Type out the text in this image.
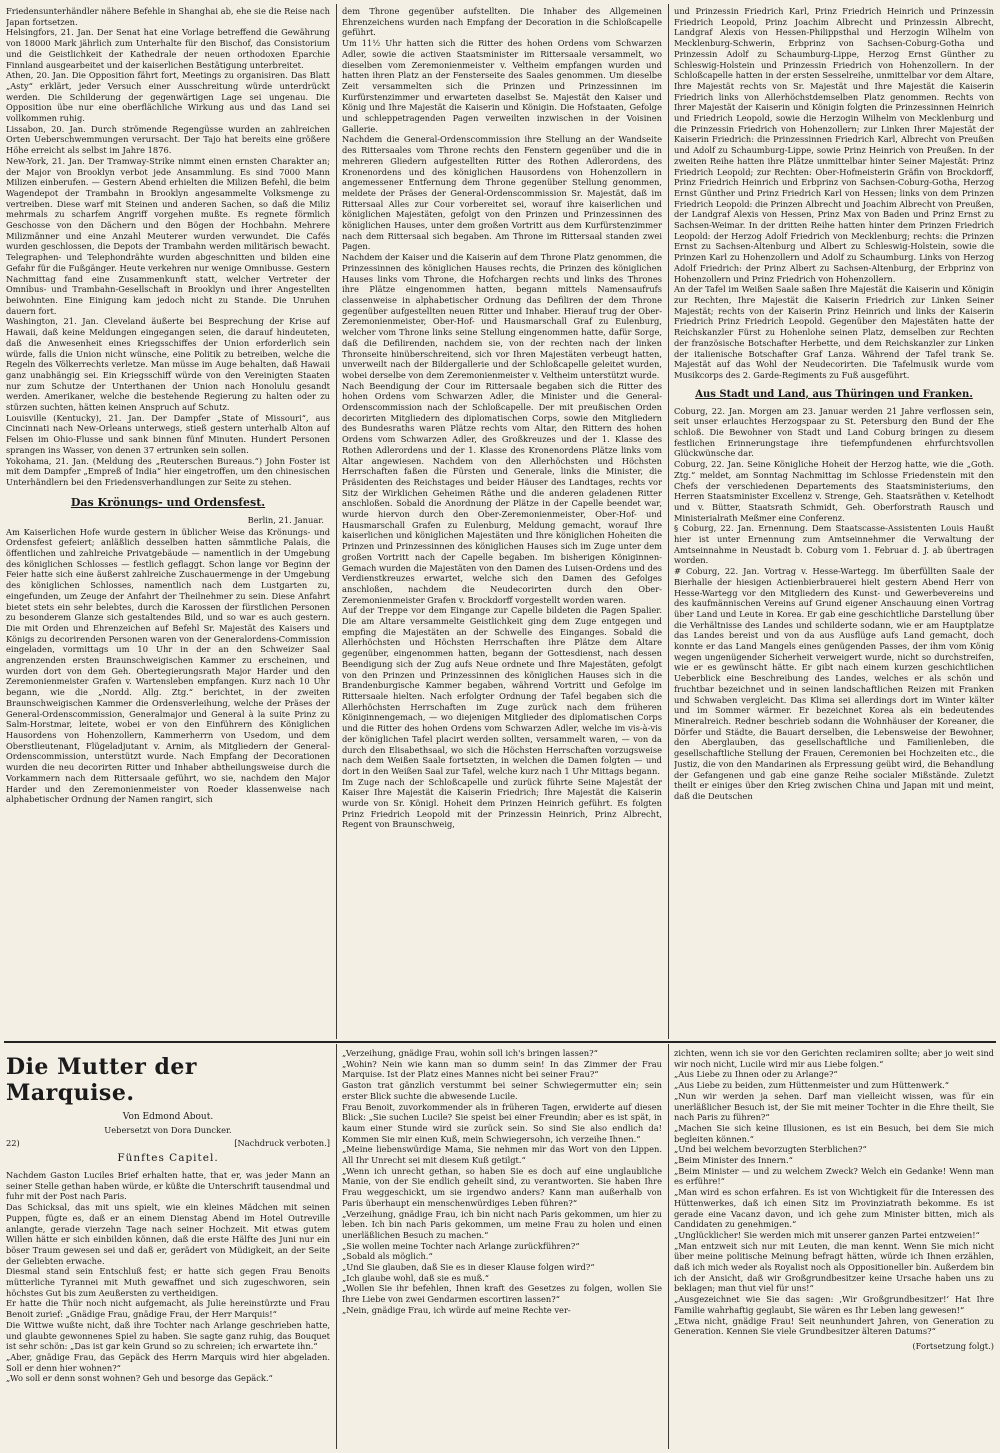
Friedensunterhändler nähere Befehle in Shanghai ab, ehe sie die Reise nach Japan fortsetzen.

Helsingfors, 21. Jan. Der Senat hat eine Vorlage betreffend die Gewährung von 18000 Mark jährlich zum Unterhalte für den Bischof, das Consistorium und die Geistlichkeit der Kathedrale der neuen orthodoxen Eparchie Finnland ausgearbeitet und der kaiserlichen Bestätigung unterbreitet.

Athen, 20. Jan. Die Opposition fährt fort, Meetings zu organisiren. Das Blatt „Asty“ erklärt, jeder Versuch einer Ausschreitung würde unterdrückt werden. Die Schilderung der gegenwärtigen Lage sei ungenau. Die Opposition übe nur eine oberflächliche Wirkung aus und das Land sei vollkommen ruhig.

Lissabon, 20. Jan. Durch strömende Regengüsse wurden an zahlreichen Orten Ueberschwemmungen verursacht. Der Tajo hat bereits eine größere Höhe erreicht als selbst im Jahre 1876.

New-York, 21. Jan. Der Tramway-Strike nimmt einen ernsten Charakter an; der Major von Brooklyn verbot jede Ansammlung. Es sind 7000 Mann Milizen einberufen. — Gestern Abend erhielten die Milizen Befehl, die beim Wagendepot der Trambahn in Brooklyn angesammelte Volksmenge zu vertreiben. Diese warf mit Steinen und anderen Sachen, so daß die Miliz mehrmals zu scharfem Angriff vorgehen mußte. Es regnete förmlich Geschosse von den Dächern und den Bögen der Hochbahn. Mehrere Milizmänner und eine Anzahl Meuterer wurden verwundet. Die Cafés wurden geschlossen, die Depots der Trambahn werden militärisch bewacht. Telegraphen- und Telephondrähte wurden abgeschnitten und bilden eine Gefahr für die Fußgänger. Heute verkehren nur wenige Omnibusse. Gestern Nachmittag fand eine Zusammenkunft statt, welcher Vertreter der Omnibus- und Trambahn-Gesellschaft in Brooklyn und ihrer Angestellten beiwohnten. Eine Einigung kam jedoch nicht zu Stande. Die Unruhen dauern fort.

Washington, 21. Jan. Cleveland äußerte bei Besprechung der Krise auf Hawaii, daß keine Meldungen eingegangen seien, die darauf hindeuteten, daß die Anwesenheit eines Kriegsschiffes der Union erforderlich sein würde, falls die Union nicht wünsche, eine Politik zu betreiben, welche die Regeln des Völkerrechts verletze. Man müsse im Auge behalten, daß Hawaii ganz unabhängig sei. Ein Kriegsschiff würde von den Vereinigten Staaten nur zum Schutze der Unterthanen der Union nach Honolulu gesandt werden. Amerikaner, welche die bestehende Regierung zu halten oder zu stürzen suchten, hätten keinen Anspruch auf Schutz.

Louisville (Kentucky), 21. Jan. Der Dampfer „State of Missouri“, aus Cincinnati nach New-Orleans unterwegs, stieß gestern unterhalb Alton auf Felsen im Ohio-Flusse und sank binnen fünf Minuten. Hundert Personen sprangen ins Wasser, von denen 37 ertrunken sein sollen.

Yokohama, 21. Jan. (Meldung des „Reuterschen Bureaus.“) John Foster ist mit dem Dampfer „Empreß of India“ hier eingetroffen, um den chinesischen Unterhändlern bei den Friedensverhandlungen zur Seite zu stehen.

Das Krönungs- und Ordensfest.
Berlin, 21. Januar.

Am Kaiserlichen Hofe wurde gestern in üblicher Weise das Krönungs- und Ordensfest gefeiert; anläßlich desselben hatten sämmtliche Palais, die öffentlichen und zahlreiche Privatgebäude — namentlich in der Umgebung des königlichen Schlosses — festlich geflaggt. Schon lange vor Beginn der Feier hatte sich eine äußerst zahlreiche Zuschauermenge in der Umgebung des königlichen Schlosses, namentlich nach dem Lustgarten zu, eingefunden, um Zeuge der Anfahrt der Theilnehmer zu sein. Diese Anfahrt bietet stets ein sehr belebtes, durch die Karossen der fürstlichen Personen zu besonderem Glanze sich gestaltendes Bild, und so war es auch gestern. Die mit Orden und Ehrenzeichen auf Befehl Sr. Majestät des Kaisers und Königs zu decorirenden Personen waren von der Generalordens-Commission eingeladen, vormittags um 10 Uhr in der an den Schweizer Saal angrenzenden ersten Braunschweigischen Kammer zu erscheinen, und wurden dort von dem Geh. Obertegierungsrath Major Harder und den Zeremonienmeister Grafen v. Wartensleben empfangen. Kurz nach 10 Uhr begann, wie die „Nordd. Allg. Ztg.“ berichtet, in der zweiten Braunschweigischen Kammer die Ordensverleihung, welche der Präses der General-Ordenscommission, Generalmajor und General à la suite Prinz zu Salm-Horstmar, leitete, wobei er von den Einführern des Königlichen Hausordens von Hohenzollern, Kammerherrn von Usedom, und dem Oberstlieutenant, Flügeladjutant v. Arnim, als Mitgliedern der General-Ordenscommission, unterstützt wurde. Nach Empfang der Decorationen wurden die neu decorirten Ritter und Inhaber abtheilungsweise durch die Vorkammern nach dem Rittersaale geführt, wo sie, nachdem den Major Harder und den Zeremonienmeister von Roeder klassenweise nach alphabetischer Ordnung der Namen rangirt, sich

dem Throne gegenüber aufstellten. Die Inhaber des Allgemeinen Ehrenzeichens wurden nach Empfang der Decoration in die Schloßcapelle geführt.

Um 11½ Uhr hatten sich die Ritter des hohen Ordens vom Schwarzen Adler, sowie die activen Staatsminister im Rittersaale versammelt, wo dieselben vom Zeremonienmeister v. Veltheim empfangen wurden und hatten ihren Platz an der Fensterseite des Saales genommen. Um dieselbe Zeit versammelten sich die Prinzen und Prinzessinnen im Kurfürstenzimmer und erwarteten daselbst Se. Majestät den Kaiser und König und Ihre Majestät die Kaiserin und Königin. Die Hofstaaten, Gefolge und schleppetragenden Pagen verweilten inzwischen in der Voisinen Gallerie.

Nachdem die General-Ordenscommission ihre Stellung an der Wandseite des Rittersaales vom Throne rechts den Fenstern gegenüber und die in mehreren Gliedern aufgestellten Ritter des Rothen Adlerordens, des Kronenordens und des königlichen Hausordens von Hohenzollern in angemessener Entfernung dem Throne gegenüber Stellung genommen, meldete der Präses der General-Ordenscommission Sr. Majestät, daß im Rittersaal Alles zur Cour vorbereitet sei, worauf ihre kaiserlichen und königlichen Majestäten, gefolgt von den Prinzen und Prinzessinnen des königlichen Hauses, unter dem großen Vortritt aus dem Kurfürstenzimmer nach dem Rittersaal sich begaben. Am Throne im Rittersaal standen zwei Pagen.

Nachdem der Kaiser und die Kaiserin auf dem Throne Platz genommen, die Prinzessinnen des königlichen Hauses rechts, die Prinzen des königlichen Hauses links vom Throne, die Hofchargen rechts und links des Thrones ihre Plätze eingenommen hatten, begann mittels Namensaufrufs classenweise in alphabetischer Ordnung das Defiliren der dem Throne gegenüber aufgestellten neuen Ritter und Inhaber. Hierauf trug der Ober-Zeremonienmeister, Ober-Hof- und Hausmarschall Graf zu Eulenburg, welcher vom Throne links seine Stellung eingenommen hatte, dafür Sorge, daß die Defilirenden, nachdem sie, von der rechten nach der linken Thronseite hinüberschreitend, sich vor Ihren Majestäten verbeugt hatten, unverweilt nach der Bildergallerie und der Schloßcapelle geleitet wurden, wobei derselbe von dem Zeremonienmeister v. Veltheim unterstützt wurde.

Nach Beendigung der Cour im Rittersaale begaben sich die Ritter des hohen Ordens vom Schwarzen Adler, die Minister und die General-Ordenscommission nach der Schloßcapelle. Der mit preußischen Orden decorirten Mitgliedern des diplomatischen Corps, sowie den Mitgliedern des Bundesraths waren Plätze rechts vom Altar, den Rittern des hohen Ordens vom Schwarzen Adler, des Großkreuzes und der 1. Klasse des Rothen Adlerordens und der 1. Klasse des Kronenordens Plätze links vom Altar angewiesen. Nachdem von den Allerhöchsten und Höchsten Herrschaften faßen die Fürsten und Generale, links die Minister, die Präsidenten des Reichstages und beider Häuser des Landtages, rechts vor Sitz der Wirklichen Geheimen Räthe und die anderen geladenen Ritter anschloßen. Sobald die Anordnung der Plätze in der Capelle beendet war, wurde hiervon durch den Ober-Zeremonienmeister, Ober-Hof- und Hausmarschall Grafen zu Eulenburg, Meldung gemacht, worauf Ihre kaiserlichen und königlichen Majestäten und Ihre königlichen Hoheiten die Prinzen und Prinzessinnen des königlichen Hauses sich im Zuge unter dem großen Vortritt nach der Capelle begaben. Im bisherigen Königinnen-Gemach wurden die Majestäten von den Damen des Luisen-Ordens und des Verdienstkreuzes erwartet, welche sich den Damen des Gefolges anschloßen, nachdem die Neudecorirten durch den Ober-Zeremonienmeister Grafen v. Brockdorff vorgestellt worden waren.

Auf der Treppe vor dem Eingange zur Capelle bildeten die Pagen Spalier. Die am Altare versammelte Geistlichkeit ging dem Zuge entgegen und empfing die Majestäten an der Schwelle des Einganges. Sobald die Allerhöchsten und Höchsten Herrschaften ihre Plätze dem Altare gegenüber, eingenommen hatten, begann der Gottesdienst, nach dessen Beendigung sich der Zug aufs Neue ordnete und Ihre Majestäten, gefolgt von den Prinzen und Prinzessinnen des königlichen Hauses sich in die Brandenburgische Kammer begaben, während Vortritt und Gefolge im Rittersaale hielten. Nach erfolgter Ordnung der Tafel begaben sich die Allerhöchsten Herrschaften im Zuge zurück nach dem früheren Königinnengemach, — wo diejenigen Mitglieder des diplomatischen Corps und die Ritter des hohen Ordens vom Schwarzen Adler, welche im vis-à-vis der königlichen Tafel placirt werden sollten, versammelt waren, — von da durch den Elisabethsaal, wo sich die Höchsten Herrschaften vorzugsweise nach dem Weißen Saale fortsetzten, in welchen die Damen folgten — und dort in den Weißen Saal zur Tafel, welche kurz nach 1 Uhr Mittags begann.

Im Zuge nach der Schloßcapelle und zurück führte Seine Majestät der Kaiser Ihre Majestät die Kaiserin Friedrich; Ihre Majestät die Kaiserin wurde von Sr. Königl. Hoheit dem Prinzen Heinrich geführt. Es folgten Prinz Friedrich Leopold mit der Prinzessin Heinrich, Prinz Albrecht, Regent von Braunschweig,

und Prinzessin Friedrich Karl, Prinz Friedrich Heinrich und Prinzessin Friedrich Leopold, Prinz Joachim Albrecht und Prinzessin Albrecht, Landgraf Alexis von Hessen-Philippsthal und Herzogin Wilhelm von Mecklenburg-Schwerin, Erbprinz von Sachsen-Coburg-Gotha und Prinzessin Adolf zu Schaumburg-Lippe, Herzog Ernst Günther zu Schleswig-Holstein und Prinzessin Friedrich von Hohenzollern. In der Schloßcapelle hatten in der ersten Sesselreihe, unmittelbar vor dem Altare, Ihre Majestät rechts von Sr. Majestät und Ihre Majestät die Kaiserin Friedrich links von Allerhöchstdemselben Platz genommen. Rechts von Ihrer Majestät der Kaiserin und Königin folgten die Prinzessinnen Heinrich und Friedrich Leopold, sowie die Herzogin Wilhelm von Mecklenburg und die Prinzessin Friedrich von Hohenzollern; zur Linken Ihrer Majestät der Kaiserin Friedrich: die Prinzessinnen Friedrich Karl, Albrecht von Preußen und Adolf zu Schaumburg-Lippe, sowie Prinz Heinrich von Preußen. In der zweiten Reihe hatten ihre Plätze unmittelbar hinter Seiner Majestät: Prinz Friedrich Leopold; zur Rechten: Ober-Hofmeisterin Gräfin von Brockdorff, Prinz Friedrich Heinrich und Erbprinz von Sachsen-Coburg-Gotha, Herzog Ernst Günther und Prinz Friedrich Karl von Hessen; links von dem Prinzen Friedrich Leopold: die Prinzen Albrecht und Joachim Albrecht von Preußen, der Landgraf Alexis von Hessen, Prinz Max von Baden und Prinz Ernst zu Sachsen-Weimar. In der dritten Reihe hatten hinter dem Prinzen Friedrich Leopold: der Herzog Adolf Friedrich von Mecklenburg; rechts: die Prinzen Ernst zu Sachsen-Altenburg und Albert zu Schleswig-Holstein, sowie die Prinzen Karl zu Hohenzollern und Adolf zu Schaumburg. Links von Herzog Adolf Friedrich: der Prinz Albert zu Sachsen-Altenburg, der Erbprinz von Hohenzollern und Prinz Friedrich von Hohenzollern.

An der Tafel im Weißen Saale saßen Ihre Majestät die Kaiserin und Königin zur Rechten, Ihre Majestät die Kaiserin Friedrich zur Linken Seiner Majestät; rechts von der Kaiserin Prinz Heinrich und links der Kaiserin Friedrich Prinz Friedrich Leopold. Gegenüber den Majestäten hatte der Reichskanzler Fürst zu Hohenlohe seinen Platz, demselben zur Rechten der französische Botschafter Herbette, und dem Reichskanzler zur Linken der italienische Botschafter Graf Lanza. Während der Tafel trank Se. Majestät auf das Wohl der Neudecorirten. Die Tafelmusik wurde vom Musikcorps des 2. Garde-Regiments zu Fuß ausgeführt.

Aus Stadt und Land, aus Thüringen und Franken.

Coburg, 22. Jan. Morgen am 23. Januar werden 21 Jahre verflossen sein, seit unser erlauchtes Herzogspaar zu St. Petersburg den Bund der Ehe schloß. Die Bewohner von Stadt und Land Coburg bringen zu diesem festlichen Erinnerungstage ihre tiefempfundenen ehrfurchtsvollen Glückwünsche dar.

Coburg, 22. Jan. Seine Königliche Hoheit der Herzog hatte, wie die „Goth. Ztg.“ meldet, am Sonntag Nachmittag im Schlosse Friedenstein mit den Chefs der verschiedenen Departements des Staatsministeriums, den Herren Staatsminister Excellenz v. Strenge, Geh. Staatsräthen v. Ketelhodt und v. Bütter, Staatsrath Schmidt, Geh. Oberforstrath Rausch und Ministerialrath Meßmer eine Conferenz.

§ Coburg, 22. Jan. Ernennung. Dem Staatscasse-Assistenten Louis Haußt hier ist unter Ernennung zum Amtseinnehmer die Verwaltung der Amtseinnahme in Neustadt b. Coburg vom 1. Februar d. J. ab übertragen worden.

# Coburg, 22. Jan. Vortrag v. Hesse-Wartegg. Im überfüllten Saale der Bierhalle der hiesigen Actienbierbrauerei hielt gestern Abend Herr von Hesse-Wartegg vor den Mitgliedern des Kunst- und Gewerbevereins und des kaufmännischen Vereins auf Grund eigener Anschauung einen Vortrag über Land und Leute in Korea. Er gab eine geschichtliche Darstellung über die Verhältnisse des Landes und schilderte sodann, wie er am Hauptplatze das Landes bereist und von da aus Ausflüge aufs Land gemacht, doch konnte er das Land Mangels eines genügenden Passes, der ihm vom König wegen ungenügender Sicherheit verweigert wurde, nicht so durchstreifen, wie er es gewünscht hätte. Er gibt nach einem kurzen geschichtlichen Ueberblick eine Beschreibung des Landes, welches er als schön und fruchtbar bezeichnet und in seinen landschaftlichen Reizen mit Franken und Schwaben vergleicht. Das Klima sei allerdings dort im Winter kälter und im Sommer wärmer. Er bezeichnet Korea als ein bedeutendes Mineralreich. Redner beschrieb sodann die Wohnhäuser der Koreaner, die Dörfer und Städte, die Bauart derselben, die Lebensweise der Bewohner, den Aberglauben, das gesellschaftliche und Familienleben, die gesellschaftliche Stellung der Frauen, Ceremonien bei Hochzeiten etc., die Justiz, die von den Mandarinen als Erpressung geübt wird, die Behandlung der Gefangenen und gab eine ganze Reihe socialer Mißstände. Zuletzt theilt er einiges über den Krieg zwischen China und Japan mit und meint, daß die Deutschen

Die Mutter der Marquise.
Von Edmond About.
Uebersetzt von Dora Duncker.
22)	[Nachdruck verboten.]
Fünftes Capitel.

Nachdem Gaston Luciles Brief erhalten hatte, that er, was jeder Mann an seiner Stelle gethan haben würde, er küßte die Unterschrift tausendmal und fuhr mit der Post nach Paris.

Das Schicksal, das mit uns spielt, wie ein kleines Mädchen mit seinen Puppen, fügte es, daß er an einem Dienstag Abend im Hotel Outreville anlangte, gerade vierzehn Tage nach seiner Hochzeit. Mit etwas gutem Willen hätte er sich einbilden können, daß die erste Hälfte des Juni nur ein böser Traum gewesen sei und daß er, gerädert von Müdigkeit, an der Seite der Geliebten erwache.

Diesmal stand sein Entschluß fest; er hatte sich gegen Frau Benoits mütterliche Tyrannei mit Muth gewaffnet und sich zugeschworen, sein höchstes Gut bis zum Aeußersten zu vertheidigen.

Er hatte die Thür noch nicht aufgemacht, als Julie hereinstürzte und Frau Benoit zurief: „Gnädige Frau, gnädige Frau, der Herr Marquis!“

Die Wittwe wußte nicht, daß ihre Tochter nach Arlange geschrieben hatte, und glaubte gewonnenes Spiel zu haben. Sie sagte ganz ruhig, das Bouquet ist sehr schön: „Das ist gar kein Grund so zu schreien; ich erwartete ihn.“

„Aber, gnädige Frau, das Gepäck des Herrn Marquis wird hier abgeladen. Soll er denn hier wohnen?“

„Wo soll er denn sonst wohnen? Geh und besorge das Gepäck.“

„Verzeihung, gnädige Frau, wohin soll ich's bringen lassen?“

„Wohin? Nein wie kann man so dumm sein! In das Zimmer der Frau Marquise. Ist der Platz eines Mannes nicht bei seiner Frau?“

Gaston trat gänzlich verstummt bei seiner Schwiegermutter ein; sein erster Blick suchte die abwesende Lucile.

Frau Benoit, zuvorkommender als in früheren Tagen, erwiderte auf diesen Blick: „Sie suchen Lucile? Sie speist bei einer Freundin; aber es ist spät, in kaum einer Stunde wird sie zurück sein. So sind Sie also endlich da! Kommen Sie mir einen Kuß, mein Schwiegersohn, ich verzeihe Ihnen.“

„Meine liebenswürdige Mama, Sie nehmen mir das Wort von den Lippen. All Ihr Unrecht sei mit diesem Kuß getilgt.“

„Wenn ich unrecht gethan, so haben Sie es doch auf eine unglaubliche Manie, von der Sie endlich geheilt sind, zu verantworten. Sie haben Ihre Frau weggeschickt, um sie irgendwo anders? Kann man außerhalb von Paris überhaupt ein menschenwürdiges Leben führen?“

„Verzeihung, gnädige Frau, ich bin nicht nach Paris gekommen, um hier zu leben. Ich bin nach Paris gekommen, um meine Frau zu holen und einen unerläßlichen Besuch zu machen.“

„Sie wollen meine Tochter nach Arlange zurückführen?“

„Sobald als möglich.“

„Und Sie glauben, daß Sie es in dieser Klause folgen wird?“

„Ich glaube wohl, daß sie es muß.“

„Wollen Sie ihr befehlen, Ihnen kraft des Gesetzes zu folgen, wollen Sie Ihre Liebe von zwei Gendarmen escortiren lassen?“

„Nein, gnädige Frau, ich würde auf meine Rechte ver-

zichten, wenn ich sie vor den Gerichten reclamiren sollte; aber jo weit sind wir noch nicht, Lucile wird mir aus Liebe folgen.“

„Aus Liebe zu Ihnen oder zu Arlange?“

„Aus Liebe zu beiden, zum Hüttenmeister und zum Hüttenwerk.“

„Nun wir werden ja sehen. Darf man vielleicht wissen, was für ein unerläßlicher Besuch ist, der Sie mit meiner Tochter in die Ehre theilt, Sie nach Paris zu führen?“

„Machen Sie sich keine Illusionen, es ist ein Besuch, bei dem Sie mich begleiten können.“

„Und bei welchem bevorzugten Sterblichen?“

„Beim Minister des Innern.“

„Beim Minister — und zu welchem Zweck? Welch ein Gedanke! Wenn man es erführe!“

„Man wird es schon erfahren. Es ist von Wichtigkeit für die Interessen des Hüttenwerkes, daß ich einen Sitz im Provinziatrath bekomme. Es ist gerade eine Vacanz davon, und ich gehe zum Minister bitten, mich als Candidaten zu genehmigen.“

„Unglücklicher! Sie werden mich mit unserer ganzen Partei entzweien!“

„Man entzweit sich nur mit Leuten, die man kennt. Wenn Sie mich nicht über meine politische Meinung befragt hätten, würde ich Ihnen erzählen, daß ich mich weder als Royalist noch als Oppositioneller bin. Außerdem bin ich der Ansicht, daß wir Großgrundbesitzer keine Ursache haben uns zu beklagen; man thut viel für uns!“

„Ausgezeichnet wie Sie das sagen: ‚Wir Großgrundbesitzer!‘ Hat Ihre Familie wahrhaftig geglaubt, Sie wären es Ihr Leben lang gewesen!“

„Etwa nicht, gnädige Frau! Seit neunhundert Jahren, von Generation zu Generation. Kennen Sie viele Grundbesitzer älteren Datums?“

(Fortsetzung folgt.)
